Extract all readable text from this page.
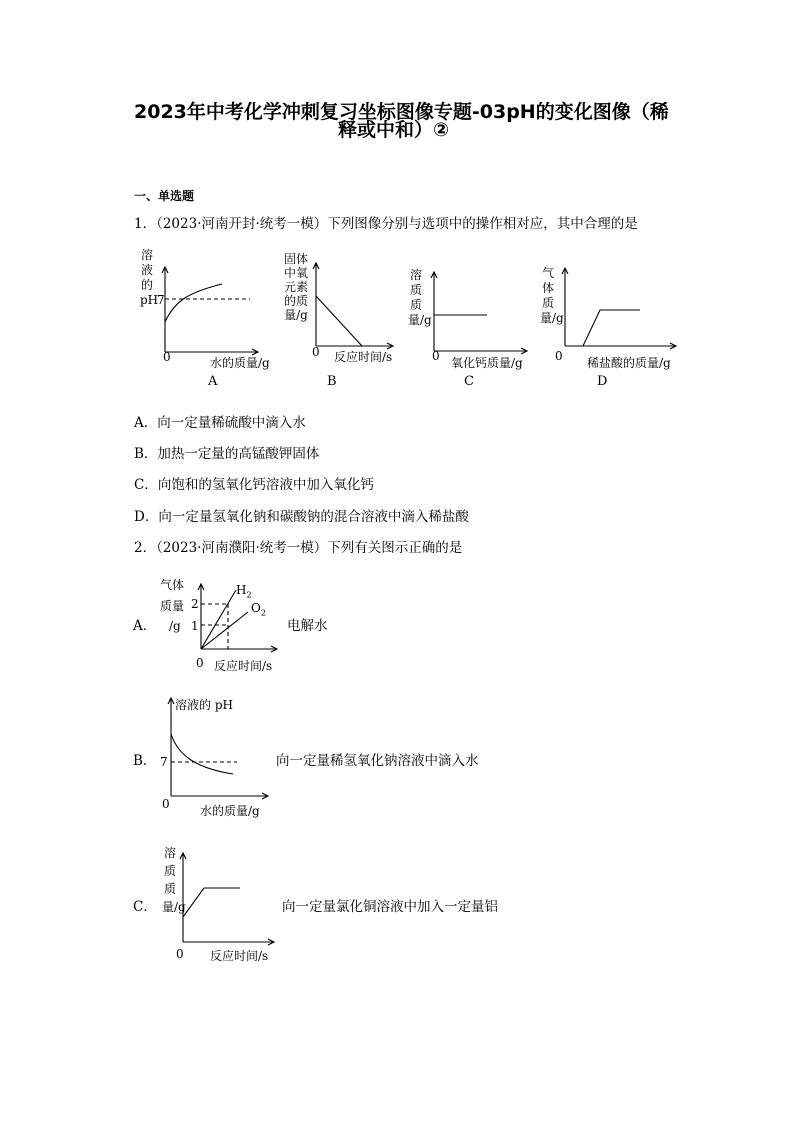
2023年中考化学冲刺复习坐标图像专题-03pH的变化图像（稀
释或中和）②
一、单选题
1．（2023·河南开封·统考一模）下列图像分别与选项中的操作相对应，其中合理的是
溶液的pH
7
0	水的质量/g
A
固体中氧元素的质量/g
0 反应时间/s
B
溶质质量/g
0 氧化钙质量/g
C
气体质量/g
0 稀盐酸的质量/g
D
A．向一定量稀硫酸中滴入水
B．加热一定量的高锰酸钾固体
C．向饱和的氢氧化钙溶液中加入氧化钙
D．向一定量氢氧化钠和碳酸钠的混合溶液中滴入稀盐酸
2．（2023·河南濮阳·统考一模）下列有关图示正确的是
A．
气体
质量
/g
2
1
$H_2$
$O_2$
0 反应时间/s
电解水
B．
溶液的 pH
7
0	水的质量/g
向一定量稀氢氧化钠溶液中滴入水
C．
溶质质量/g
0 反应时间/s
向一定量氯化铜溶液中加入一定量铝
